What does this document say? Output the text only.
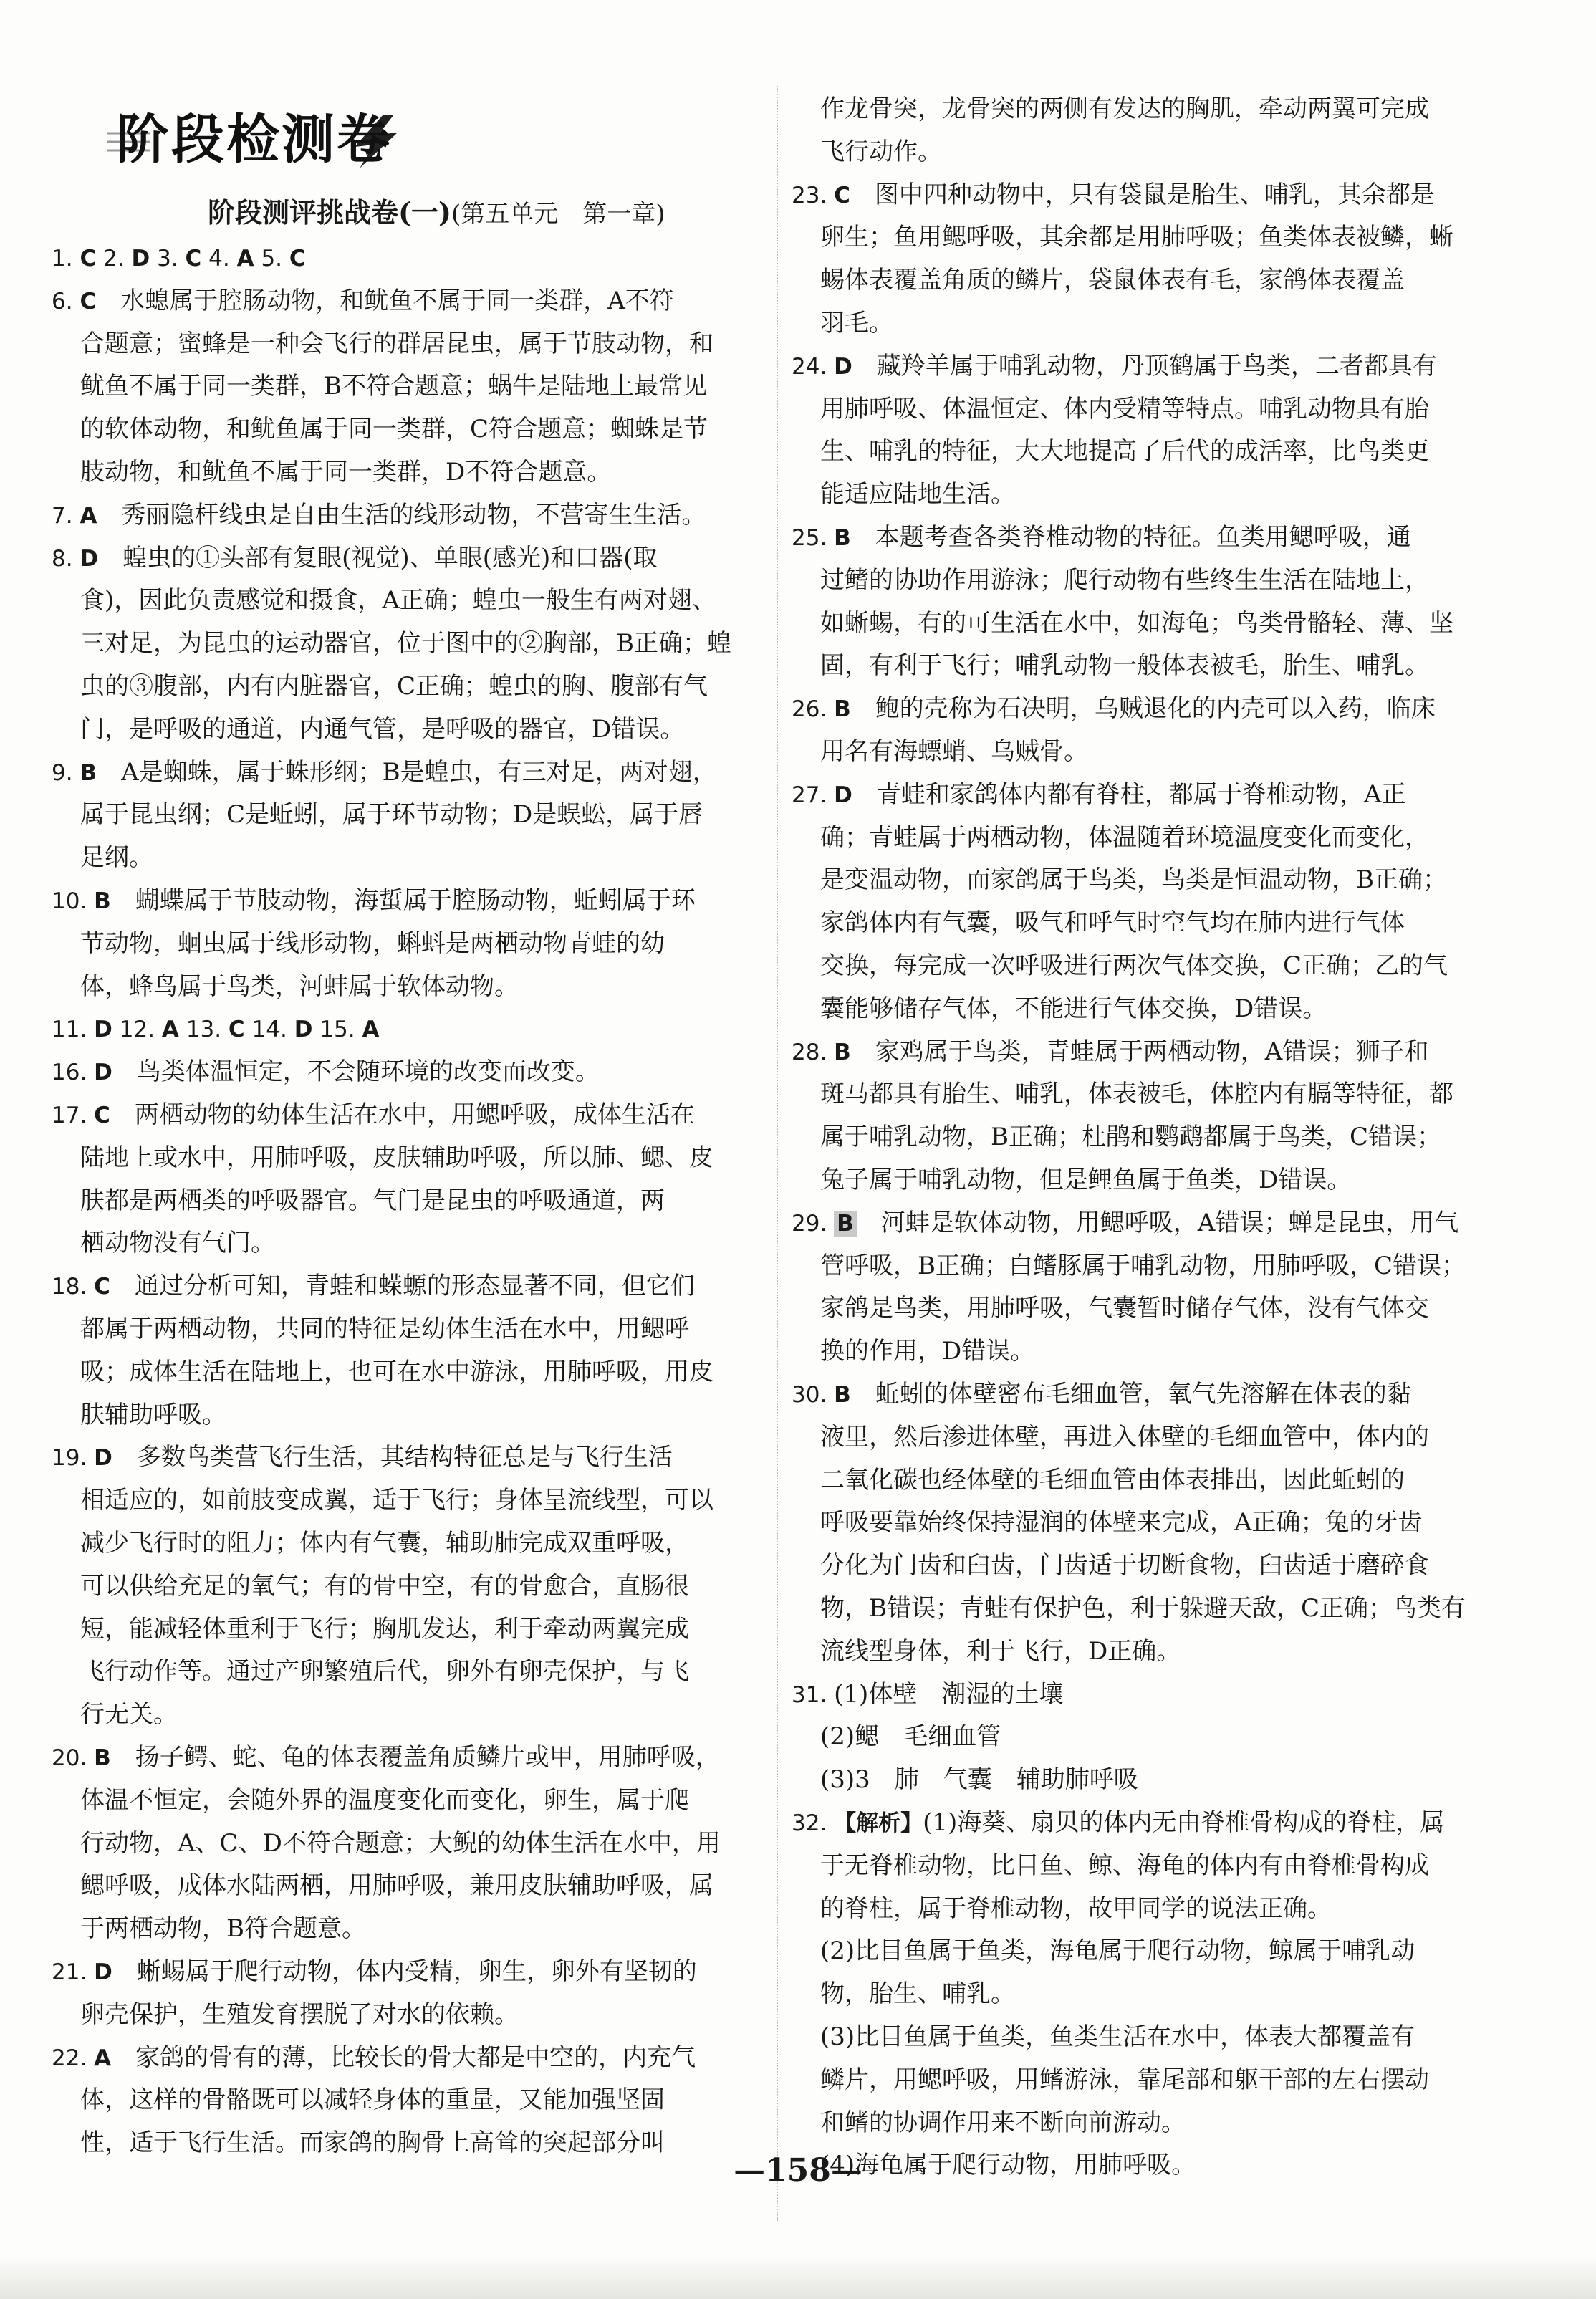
阶段检测卷
阶段测评挑战卷(一)(第五单元　第一章)
1. C 2. D 3. C 4. A 5. C
6. C　水螅属于腔肠动物，和鱿鱼不属于同一类群，A不符
合题意；蜜蜂是一种会飞行的群居昆虫，属于节肢动物，和
鱿鱼不属于同一类群，B不符合题意；蜗牛是陆地上最常见
的软体动物，和鱿鱼属于同一类群，C符合题意；蜘蛛是节
肢动物，和鱿鱼不属于同一类群，D不符合题意。
7. A　秀丽隐杆线虫是自由生活的线形动物，不营寄生生活。
8. D　蝗虫的①头部有复眼(视觉)、单眼(感光)和口器(取
食)，因此负责感觉和摄食，A正确；蝗虫一般生有两对翅、
三对足，为昆虫的运动器官，位于图中的②胸部，B正确；蝗
虫的③腹部，内有内脏器官，C正确；蝗虫的胸、腹部有气
门，是呼吸的通道，内通气管，是呼吸的器官，D错误。
9. B　A是蜘蛛，属于蛛形纲；B是蝗虫，有三对足，两对翅，
属于昆虫纲；C是蚯蚓，属于环节动物；D是蜈蚣，属于唇
足纲。
10. B　蝴蝶属于节肢动物，海蜇属于腔肠动物，蚯蚓属于环
节动物，蛔虫属于线形动物，蝌蚪是两栖动物青蛙的幼
体，蜂鸟属于鸟类，河蚌属于软体动物。
11. D 12. A 13. C 14. D 15. A
16. D　鸟类体温恒定，不会随环境的改变而改变。
17. C　两栖动物的幼体生活在水中，用鳃呼吸，成体生活在
陆地上或水中，用肺呼吸，皮肤辅助呼吸，所以肺、鳃、皮
肤都是两栖类的呼吸器官。气门是昆虫的呼吸通道，两
栖动物没有气门。
18. C　通过分析可知，青蛙和蝾螈的形态显著不同，但它们
都属于两栖动物，共同的特征是幼体生活在水中，用鳃呼
吸；成体生活在陆地上，也可在水中游泳，用肺呼吸，用皮
肤辅助呼吸。
19. D　多数鸟类营飞行生活，其结构特征总是与飞行生活
相适应的，如前肢变成翼，适于飞行；身体呈流线型，可以
减少飞行时的阻力；体内有气囊，辅助肺完成双重呼吸，
可以供给充足的氧气；有的骨中空，有的骨愈合，直肠很
短，能减轻体重利于飞行；胸肌发达，利于牵动两翼完成
飞行动作等。通过产卵繁殖后代，卵外有卵壳保护，与飞
行无关。
20. B　扬子鳄、蛇、龟的体表覆盖角质鳞片或甲，用肺呼吸，
体温不恒定，会随外界的温度变化而变化，卵生，属于爬
行动物，A、C、D不符合题意；大鲵的幼体生活在水中，用
鳃呼吸，成体水陆两栖，用肺呼吸，兼用皮肤辅助呼吸，属
于两栖动物，B符合题意。
21. D　蜥蜴属于爬行动物，体内受精，卵生，卵外有坚韧的
卵壳保护，生殖发育摆脱了对水的依赖。
22. A　家鸽的骨有的薄，比较长的骨大都是中空的，内充气
体，这样的骨骼既可以减轻身体的重量，又能加强坚固
性，适于飞行生活。而家鸽的胸骨上高耸的突起部分叫
作龙骨突，龙骨突的两侧有发达的胸肌，牵动两翼可完成
飞行动作。
23. C　图中四种动物中，只有袋鼠是胎生、哺乳，其余都是
卵生；鱼用鳃呼吸，其余都是用肺呼吸；鱼类体表被鳞，蜥
蜴体表覆盖角质的鳞片，袋鼠体表有毛，家鸽体表覆盖
羽毛。
24. D　藏羚羊属于哺乳动物，丹顶鹤属于鸟类，二者都具有
用肺呼吸、体温恒定、体内受精等特点。哺乳动物具有胎
生、哺乳的特征，大大地提高了后代的成活率，比鸟类更
能适应陆地生活。
25. B　本题考查各类脊椎动物的特征。鱼类用鳃呼吸，通
过鳍的协助作用游泳；爬行动物有些终生生活在陆地上，
如蜥蜴，有的可生活在水中，如海龟；鸟类骨骼轻、薄、坚
固，有利于飞行；哺乳动物一般体表被毛，胎生、哺乳。
26. B　鲍的壳称为石决明，乌贼退化的内壳可以入药，临床
用名有海螵蛸、乌贼骨。
27. D　青蛙和家鸽体内都有脊柱，都属于脊椎动物，A正
确；青蛙属于两栖动物，体温随着环境温度变化而变化，
是变温动物，而家鸽属于鸟类，鸟类是恒温动物，B正确；
家鸽体内有气囊，吸气和呼气时空气均在肺内进行气体
交换，每完成一次呼吸进行两次气体交换，C正确；乙的气
囊能够储存气体，不能进行气体交换，D错误。
28. B　家鸡属于鸟类，青蛙属于两栖动物，A错误；狮子和
斑马都具有胎生、哺乳，体表被毛，体腔内有膈等特征，都
属于哺乳动物，B正确；杜鹃和鹦鹉都属于鸟类，C错误；
兔子属于哺乳动物，但是鲤鱼属于鱼类，D错误。
29. B　河蚌是软体动物，用鳃呼吸，A错误；蝉是昆虫，用气
管呼吸，B正确；白鳍豚属于哺乳动物，用肺呼吸，C错误；
家鸽是鸟类，用肺呼吸，气囊暂时储存气体，没有气体交
换的作用，D错误。
30. B　蚯蚓的体壁密布毛细血管，氧气先溶解在体表的黏
液里，然后渗进体壁，再进入体壁的毛细血管中，体内的
二氧化碳也经体壁的毛细血管由体表排出，因此蚯蚓的
呼吸要靠始终保持湿润的体壁来完成，A正确；兔的牙齿
分化为门齿和臼齿，门齿适于切断食物，臼齿适于磨碎食
物，B错误；青蛙有保护色，利于躲避天敌，C正确；鸟类有
流线型身体，利于飞行，D正确。
31. (1)体壁　潮湿的土壤
(2)鳃　毛细血管
(3)3　肺　气囊　辅助肺呼吸
32. 【解析】(1)海葵、扇贝的体内无由脊椎骨构成的脊柱，属
于无脊椎动物，比目鱼、鲸、海龟的体内有由脊椎骨构成
的脊柱，属于脊椎动物，故甲同学的说法正确。
(2)比目鱼属于鱼类，海龟属于爬行动物，鲸属于哺乳动
物，胎生、哺乳。
(3)比目鱼属于鱼类，鱼类生活在水中，体表大都覆盖有
鳞片，用鳃呼吸，用鳍游泳，靠尾部和躯干部的左右摆动
和鳍的协调作用来不断向前游动。
(4)海龟属于爬行动物，用肺呼吸。
—158—
